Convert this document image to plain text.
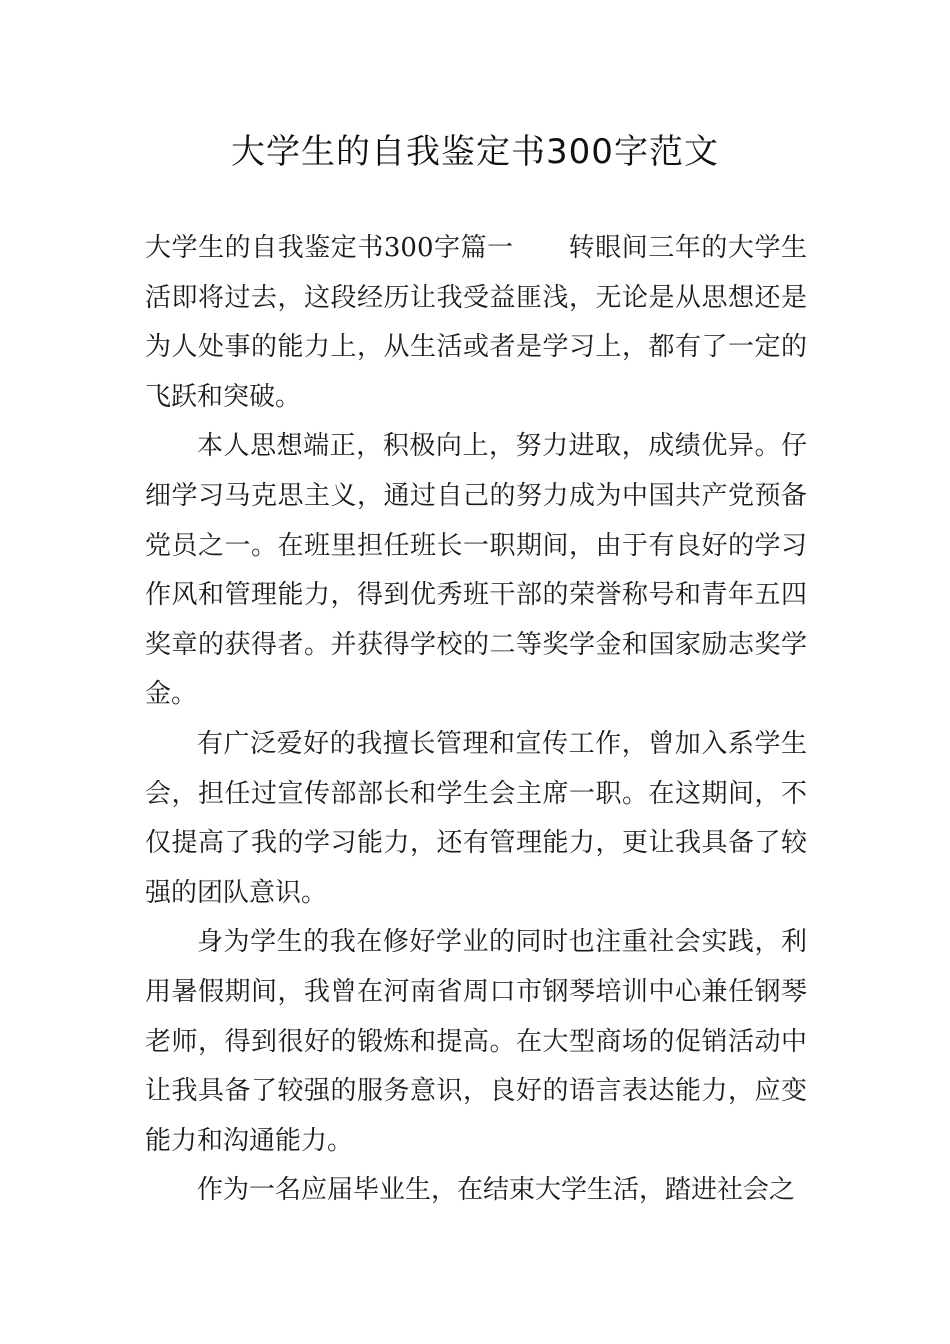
大学生的自我鉴定书300字范文

大学生的自我鉴定书300字篇一 转眼间三年的大学生活即将过去，这段经历让我受益匪浅，无论是从思想还是为人处事的能力上，从生活或者是学习上，都有了一定的飞跃和突破。

本人思想端正，积极向上，努力进取，成绩优异。仔细学习马克思主义，通过自己的努力成为中国共产党预备党员之一。在班里担任班长一职期间，由于有良好的学习作风和管理能力，得到优秀班干部的荣誉称号和青年五四奖章的获得者。并获得学校的二等奖学金和国家励志奖学金。

有广泛爱好的我擅长管理和宣传工作，曾加入系学生会，担任过宣传部部长和学生会主席一职。在这期间，不仅提高了我的学习能力，还有管理能力，更让我具备了较强的团队意识。

身为学生的我在修好学业的同时也注重社会实践，利用暑假期间，我曾在河南省周口市钢琴培训中心兼任钢琴老师，得到很好的锻炼和提高。在大型商场的促销活动中让我具备了较强的服务意识，良好的语言表达能力，应变能力和沟通能力。

作为一名应届毕业生，在结束大学生活，踏进社会之
